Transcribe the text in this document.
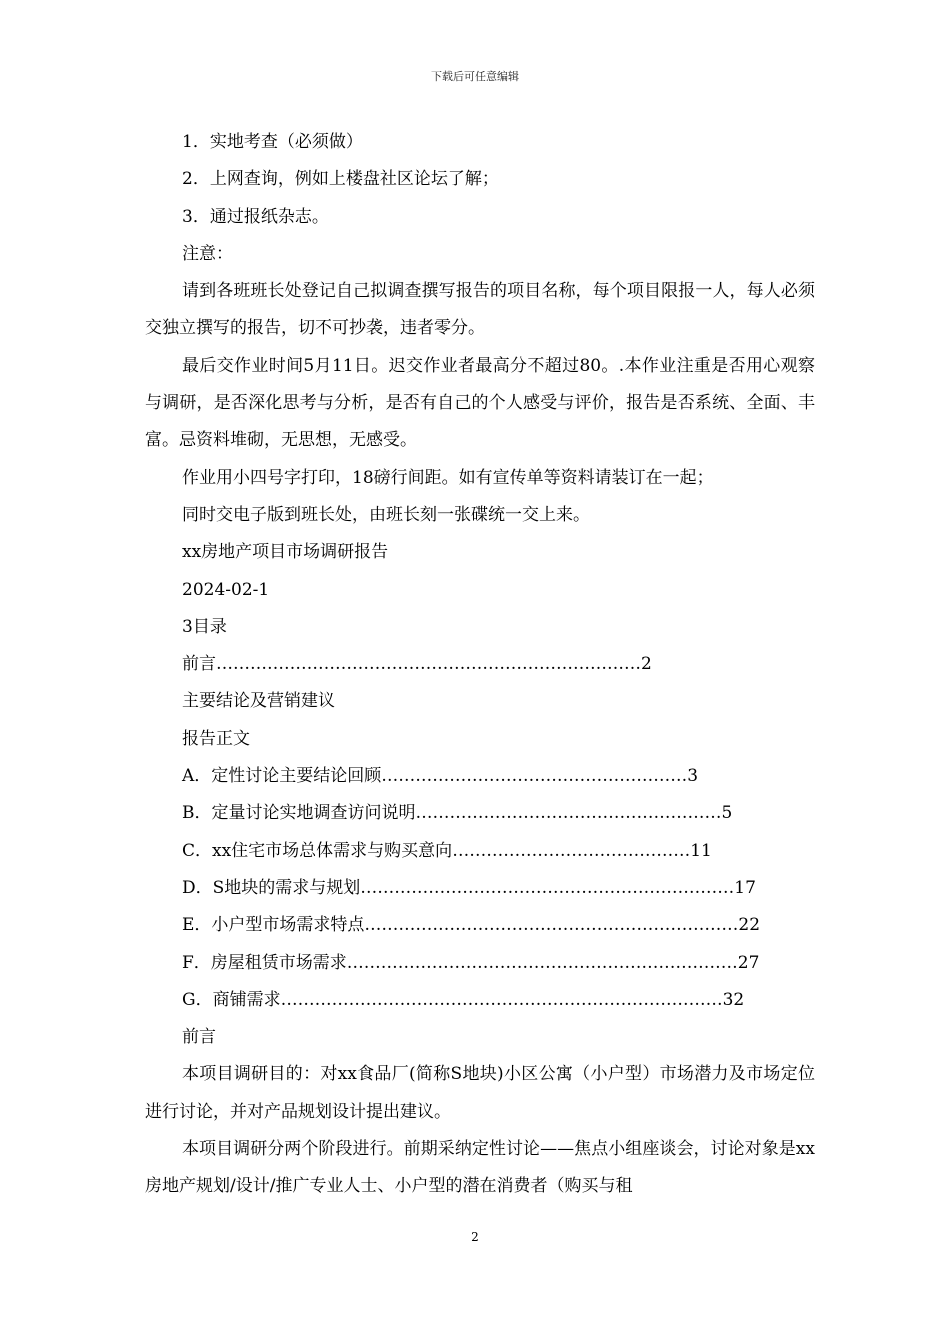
下载后可任意编辑

1．实地考查（必须做）

2．上网查询，例如上楼盘社区论坛了解；

3．通过报纸杂志。

注意：

请到各班班长处登记自己拟调查撰写报告的项目名称，每个项目限报一人，每人必须交独立撰写的报告，切不可抄袭，违者零分。

最后交作业时间5月11日。迟交作业者最高分不超过80。.本作业注重是否用心观察与调研，是否深化思考与分析，是否有自己的个人感受与评价，报告是否系统、全面、丰富。忌资料堆砌，无思想，无感受。

作业用小四号字打印，18磅行间距。如有宣传单等资料请装订在一起；

同时交电子版到班长处，由班长刻一张碟统一交上来。

xx房地产项目市场调研报告

2024-02-1

3目录

前言 ………………………………………………………………… 2

主要结论及营销建议

报告正文

A．定性讨论主要结论回顾 ……………………………………………… 3
B．定量讨论实地调查访问说明 ……………………………………………… 5
C．xx住宅市场总体需求与购买意向 …………………………………… 11
D．S地块的需求与规划 ………………………………………………………… 17
E．小户型市场需求特点 ………………………………………………………… 22
F．房屋租赁市场需求 …………………………………………………………… 27
G．商铺需求 …………………………………………………………………… 32

前言

本项目调研目的：对xx食品厂(简称S地块)小区公寓（小户型）市场潜力及市场定位进行讨论，并对产品规划设计提出建议。

本项目调研分两个阶段进行。前期采纳定性讨论——焦点小组座谈会，讨论对象是xx房地产规划/设计/推广专业人士、小户型的潜在消费者（购买与租

2
